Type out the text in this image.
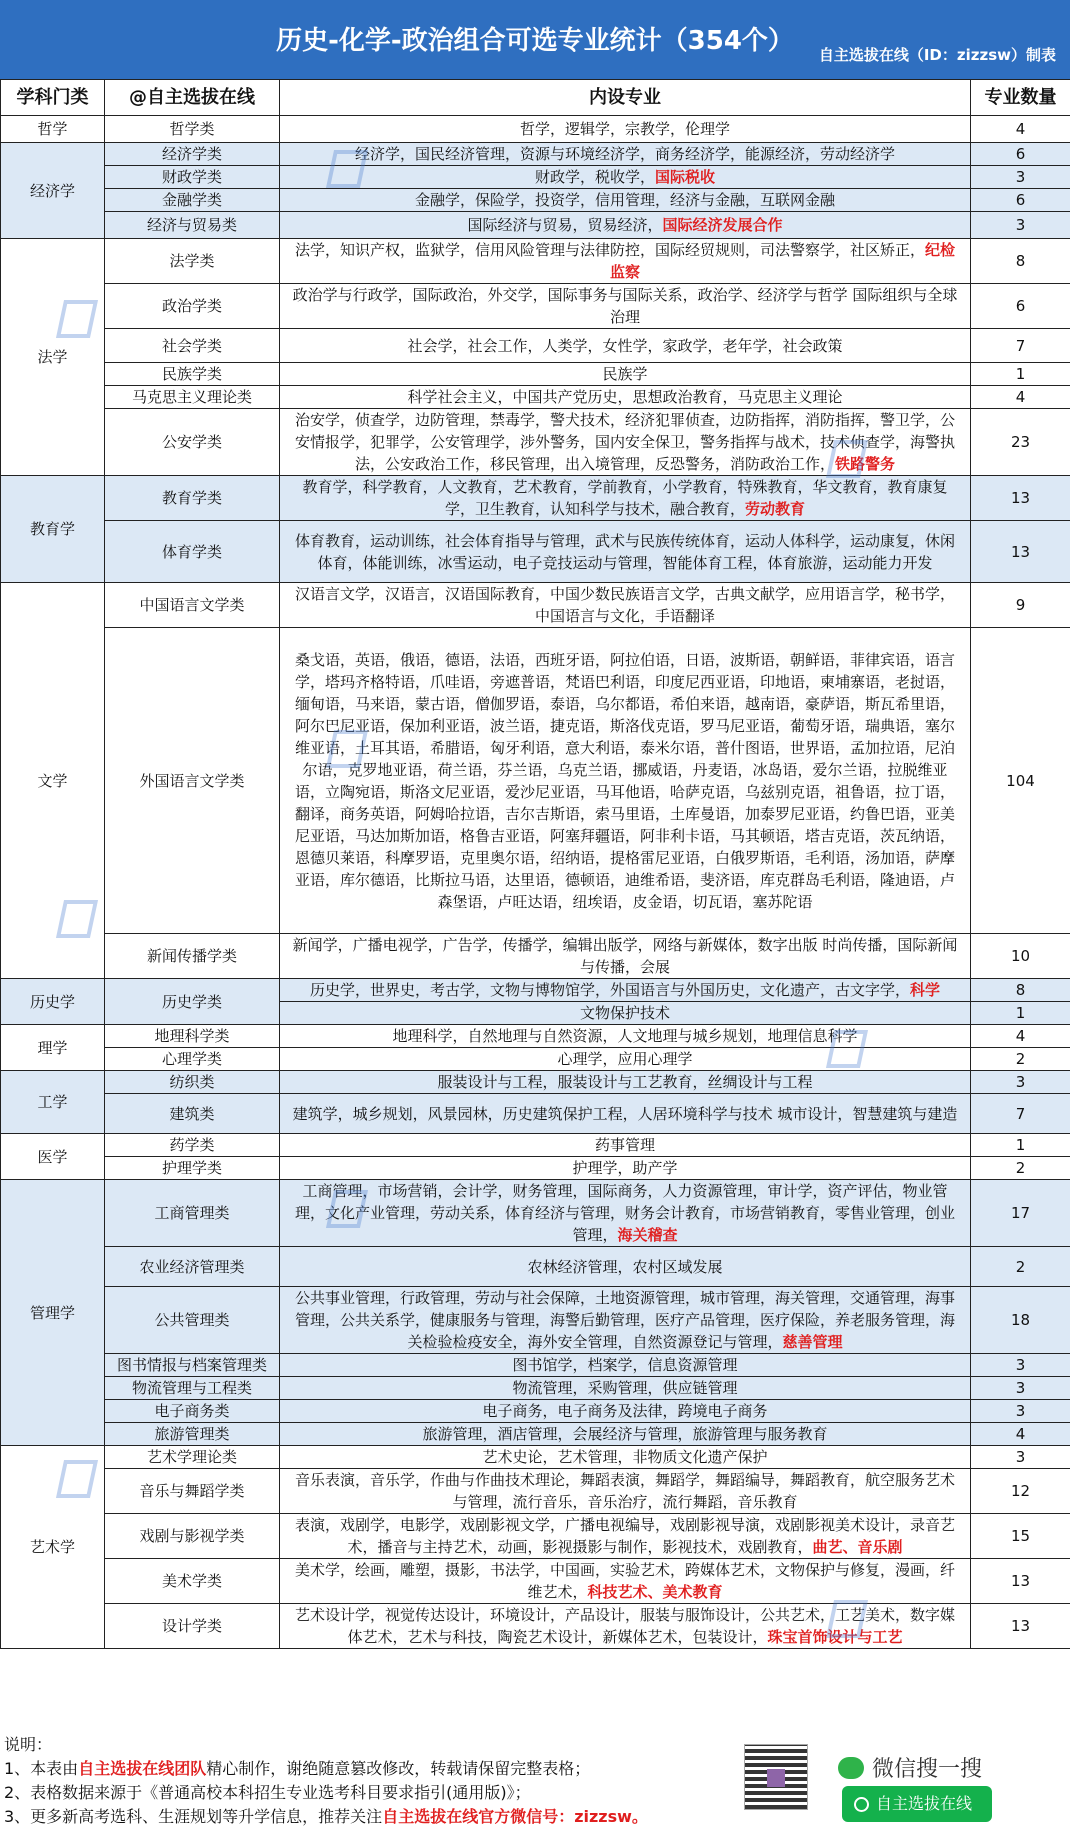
历史-化学-政治组合可选专业统计（354个）	自主选拔在线（ID：zizzsw）制表
学科门类	@自主选拔在线	内设专业	专业数量
哲学	哲学类	哲学，逻辑学，宗教学，伦理学	4
经济学	经济学类	经济学，国民经济管理，资源与环境经济学，商务经济学，能源经济，劳动经济学	6
	财政学类	财政学，税收学，国际税收	3
	金融学类	金融学，保险学，投资学，信用管理，经济与金融，互联网金融	6
	经济与贸易类	国际经济与贸易，贸易经济，国际经济发展合作	3
法学	法学类	法学，知识产权，监狱学，信用风险管理与法律防控，国际经贸规则，司法警察学，社区矫正，纪检监察	8
	政治学类	政治学与行政学，国际政治，外交学，国际事务与国际关系，政治学、经济学与哲学 国际组织与全球治理	6
	社会学类	社会学，社会工作，人类学，女性学，家政学，老年学，社会政策	7
	民族学类	民族学	1
	马克思主义理论类	科学社会主义，中国共产党历史，思想政治教育，马克思主义理论	4
	公安学类	治安学，侦查学，边防管理，禁毒学，警犬技术，经济犯罪侦查，边防指挥，消防指挥，警卫学，公安情报学，犯罪学，公安管理学，涉外警务，国内安全保卫，警务指挥与战术，技术侦查学，海警执法，公安政治工作，移民管理，出入境管理，反恐警务，消防政治工作，铁路警务	23
教育学	教育学类	教育学，科学教育，人文教育，艺术教育，学前教育，小学教育，特殊教育，华文教育，教育康复学，卫生教育，认知科学与技术，融合教育，劳动教育	13
	体育学类	体育教育，运动训练，社会体育指导与管理，武术与民族传统体育，运动人体科学，运动康复，休闲体育，体能训练，冰雪运动，电子竞技运动与管理，智能体育工程，体育旅游，运动能力开发	13
文学	中国语言文学类	汉语言文学，汉语言，汉语国际教育，中国少数民族语言文学，古典文献学，应用语言学，秘书学，中国语言与文化，手语翻译	9
	外国语言文学类	桑戈语，英语，俄语，德语，法语，西班牙语，阿拉伯语，日语，波斯语，朝鲜语，菲律宾语，语言学，塔玛齐格特语，爪哇语，旁遮普语，梵语巴利语，印度尼西亚语，印地语，柬埔寨语，老挝语，缅甸语，马来语，蒙古语，僧伽罗语，泰语，乌尔都语，希伯来语，越南语，豪萨语，斯瓦希里语，阿尔巴尼亚语，保加利亚语，波兰语，捷克语，斯洛伐克语，罗马尼亚语，葡萄牙语，瑞典语，塞尔维亚语，土耳其语，希腊语，匈牙利语，意大利语，泰米尔语，普什图语，世界语，孟加拉语，尼泊尔语，克罗地亚语，荷兰语，芬兰语，乌克兰语，挪威语，丹麦语，冰岛语，爱尔兰语，拉脱维亚语，立陶宛语，斯洛文尼亚语，爱沙尼亚语，马耳他语，哈萨克语，乌兹别克语，祖鲁语，拉丁语，翻译，商务英语，阿姆哈拉语，吉尔吉斯语，索马里语，土库曼语，加泰罗尼亚语，约鲁巴语，亚美尼亚语，马达加斯加语，格鲁吉亚语，阿塞拜疆语，阿非利卡语，马其顿语，塔吉克语，茨瓦纳语，恩德贝莱语，科摩罗语，克里奥尔语，绍纳语，提格雷尼亚语，白俄罗斯语，毛利语，汤加语，萨摩亚语，库尔德语，比斯拉马语，达里语，德顿语，迪维希语，斐济语，库克群岛毛利语，隆迪语，卢森堡语，卢旺达语，纽埃语，皮金语，切瓦语，塞苏陀语	104
	新闻传播学类	新闻学，广播电视学，广告学，传播学，编辑出版学，网络与新媒体，数字出版 时尚传播，国际新闻与传播，会展	10
历史学	历史学类	历史学，世界史，考古学，文物与博物馆学，外国语言与外国历史，文化遗产，古文字学，科学	8
		文物保护技术	1
理学	地理科学类	地理科学，自然地理与自然资源，人文地理与城乡规划，地理信息科学	4
	心理学类	心理学，应用心理学	2
工学	纺织类	服装设计与工程，服装设计与工艺教育，丝绸设计与工程	3
	建筑类	建筑学，城乡规划，风景园林，历史建筑保护工程，人居环境科学与技术 城市设计，智慧建筑与建造	7
医学	药学类	药事管理	1
	护理学类	护理学，助产学	2
管理学	工商管理类	工商管理，市场营销，会计学，财务管理，国际商务，人力资源管理，审计学，资产评估，物业管理，文化产业管理，劳动关系，体育经济与管理，财务会计教育，市场营销教育，零售业管理，创业管理，海关稽查	17
	农业经济管理类	农林经济管理，农村区域发展	2
	公共管理类	公共事业管理，行政管理，劳动与社会保障，土地资源管理，城市管理，海关管理，交通管理，海事管理，公共关系学，健康服务与管理，海警后勤管理，医疗产品管理，医疗保险，养老服务管理，海关检验检疫安全，海外安全管理，自然资源登记与管理，慈善管理	18
	图书情报与档案管理类	图书馆学，档案学，信息资源管理	3
	物流管理与工程类	物流管理，采购管理，供应链管理	3
	电子商务类	电子商务，电子商务及法律，跨境电子商务	3
	旅游管理类	旅游管理，酒店管理，会展经济与管理，旅游管理与服务教育	4
艺术学	艺术学理论类	艺术史论，艺术管理，非物质文化遗产保护	3
	音乐与舞蹈学类	音乐表演，音乐学，作曲与作曲技术理论，舞蹈表演，舞蹈学，舞蹈编导，舞蹈教育，航空服务艺术与管理，流行音乐，音乐治疗，流行舞蹈，音乐教育	12
	戏剧与影视学类	表演，戏剧学，电影学，戏剧影视文学，广播电视编导，戏剧影视导演，戏剧影视美术设计，录音艺术，播音与主持艺术，动画，影视摄影与制作，影视技术，戏剧教育，曲艺、音乐剧	15
	美术学类	美术学，绘画，雕塑，摄影，书法学，中国画，实验艺术，跨媒体艺术，文物保护与修复，漫画，纤维艺术，科技艺术、美术教育	13
	设计学类	艺术设计学，视觉传达设计，环境设计，产品设计，服装与服饰设计，公共艺术，工艺美术，数字媒体艺术，艺术与科技，陶瓷艺术设计，新媒体艺术，包装设计，珠宝首饰设计与工艺	13
说明：
1、本表由自主选拔在线团队精心制作，谢绝随意篡改修改，转载请保留完整表格；
2、表格数据来源于《普通高校本科招生专业选考科目要求指引(通用版)》；
3、更多新高考选科、生涯规划等升学信息，推荐关注自主选拔在线官方微信号：zizzsw。
微信搜一搜
自主选拔在线
